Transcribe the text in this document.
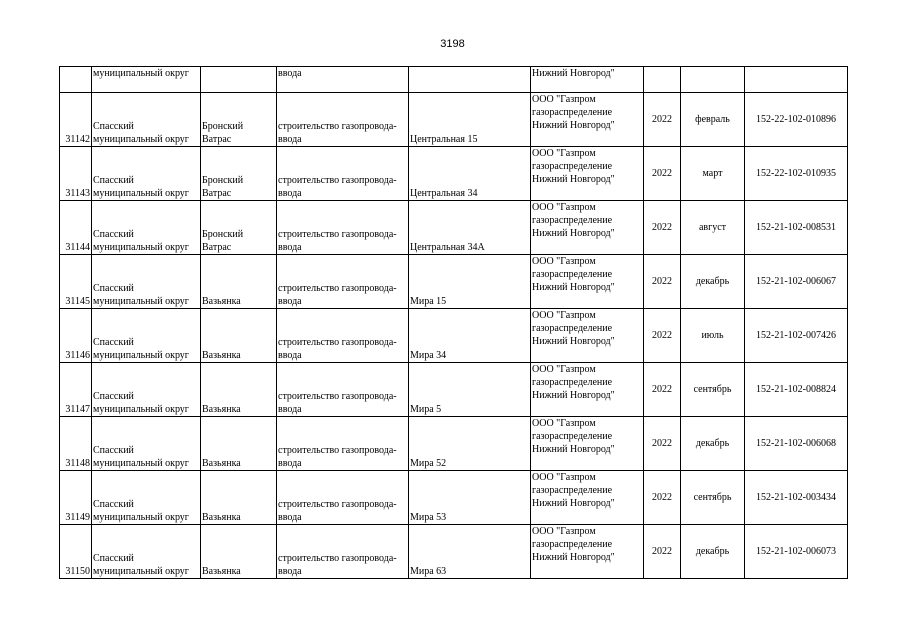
3198

	муниципальный округ		ввода		Нижний Новгород"			

31142	Спасский
муниципальный округ	Бронский
Ватрас	строительство газопровода-
ввода	Центральная 15	ООО "Газпром
газораспределение
Нижний Новгород"	2022	февраль	152-22-102-010896
31143	Спасский
муниципальный округ	Бронский
Ватрас	строительство газопровода-
ввода	Центральная 34	ООО "Газпром
газораспределение
Нижний Новгород"	2022	март	152-22-102-010935
31144	Спасский
муниципальный округ	Бронский
Ватрас	строительство газопровода-
ввода	Центральная 34А	ООО "Газпром
газораспределение
Нижний Новгород"	2022	август	152-21-102-008531
31145	Спасский
муниципальный округ	Вазьянка	строительство газопровода-
ввода	Мира 15	ООО "Газпром
газораспределение
Нижний Новгород"	2022	декабрь	152-21-102-006067
31146	Спасский
муниципальный округ	Вазьянка	строительство газопровода-
ввода	Мира 34	ООО "Газпром
газораспределение
Нижний Новгород"	2022	июль	152-21-102-007426
31147	Спасский
муниципальный округ	Вазьянка	строительство газопровода-
ввода	Мира 5	ООО "Газпром
газораспределение
Нижний Новгород"	2022	сентябрь	152-21-102-008824
31148	Спасский
муниципальный округ	Вазьянка	строительство газопровода-
ввода	Мира 52	ООО "Газпром
газораспределение
Нижний Новгород"	2022	декабрь	152-21-102-006068
31149	Спасский
муниципальный округ	Вазьянка	строительство газопровода-
ввода	Мира 53	ООО "Газпром
газораспределение
Нижний Новгород"	2022	сентябрь	152-21-102-003434
31150	Спасский
муниципальный округ	Вазьянка	строительство газопровода-
ввода	Мира 63	ООО "Газпром
газораспределение
Нижний Новгород"	2022	декабрь	152-21-102-006073
